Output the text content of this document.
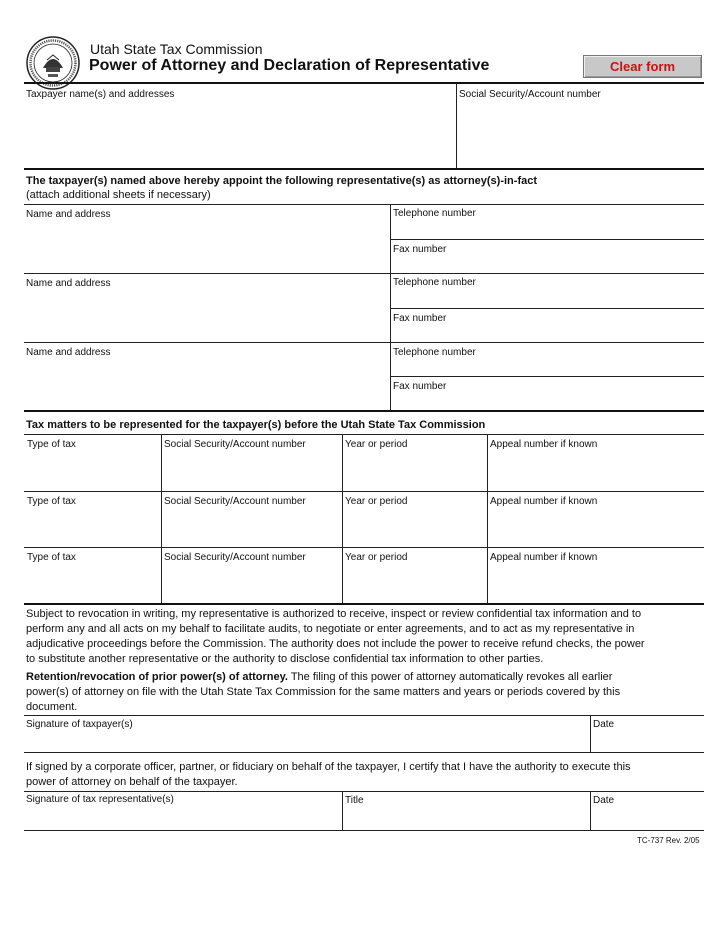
Utah State Tax Commission
Power of Attorney and Declaration of Representative	Clear form
Taxpayer name(s) and addresses	Social Security/Account number
The taxpayer(s) named above hereby appoint the following representative(s) as attorney(s)-in-fact
(attach additional sheets if necessary)
Name and address	Telephone number
Fax number
Name and address	Telephone number
Fax number
Name and address	Telephone number
Fax number
Tax matters to be represented for the taxpayer(s) before the Utah State Tax Commission
Type of tax	Social Security/Account number	Year or period	Appeal number if known
Type of tax	Social Security/Account number	Year or period	Appeal number if known
Type of tax	Social Security/Account number	Year or period	Appeal number if known
Subject to revocation in writing, my representative is authorized to receive, inspect or review confidential tax information and to
perform any and all acts on my behalf to facilitate audits, to negotiate or enter agreements, and to act as my representative in
adjudicative proceedings before the Commission. The authority does not include the power to receive refund checks, the power
to substitute another representative or the authority to disclose confidential tax information to other parties.
Retention/revocation of prior power(s) of attorney. The filing of this power of attorney automatically revokes all earlier
power(s) of attorney on file with the Utah State Tax Commission for the same matters and years or periods covered by this
document.
Signature of taxpayer(s)	Date
If signed by a corporate officer, partner, or fiduciary on behalf of the taxpayer, I certify that I have the authority to execute this
power of attorney on behalf of the taxpayer.
Signature of tax representative(s)	Title	Date
TC-737 Rev. 2/05
